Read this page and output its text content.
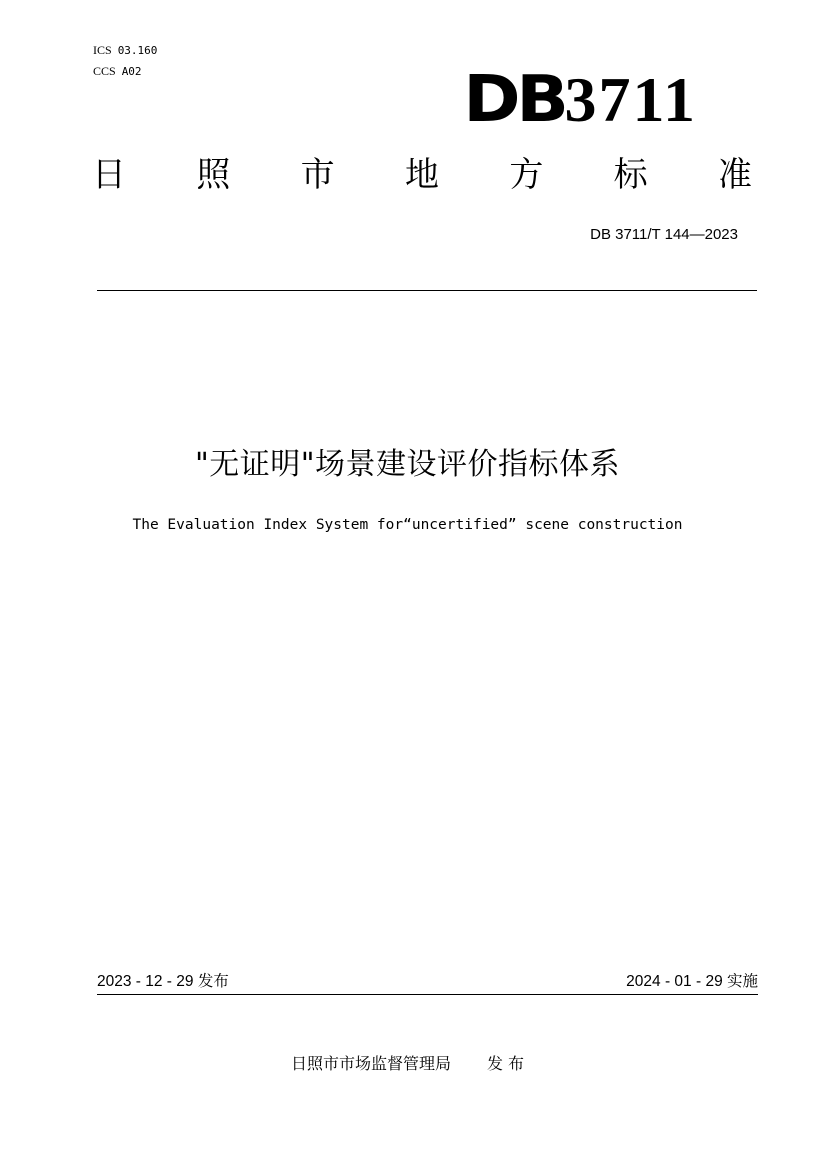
ICS 03.160
CCS A02	DB3711
日 照 市 地 方 标 准
DB 3711/T 144—2023
"无证明"场景建设评价指标体系
The Evaluation Index System for“uncertified” scene construction
2023 - 12 - 29 发布	2024 - 01 - 29 实施
日照市市场监督管理局 发 布
